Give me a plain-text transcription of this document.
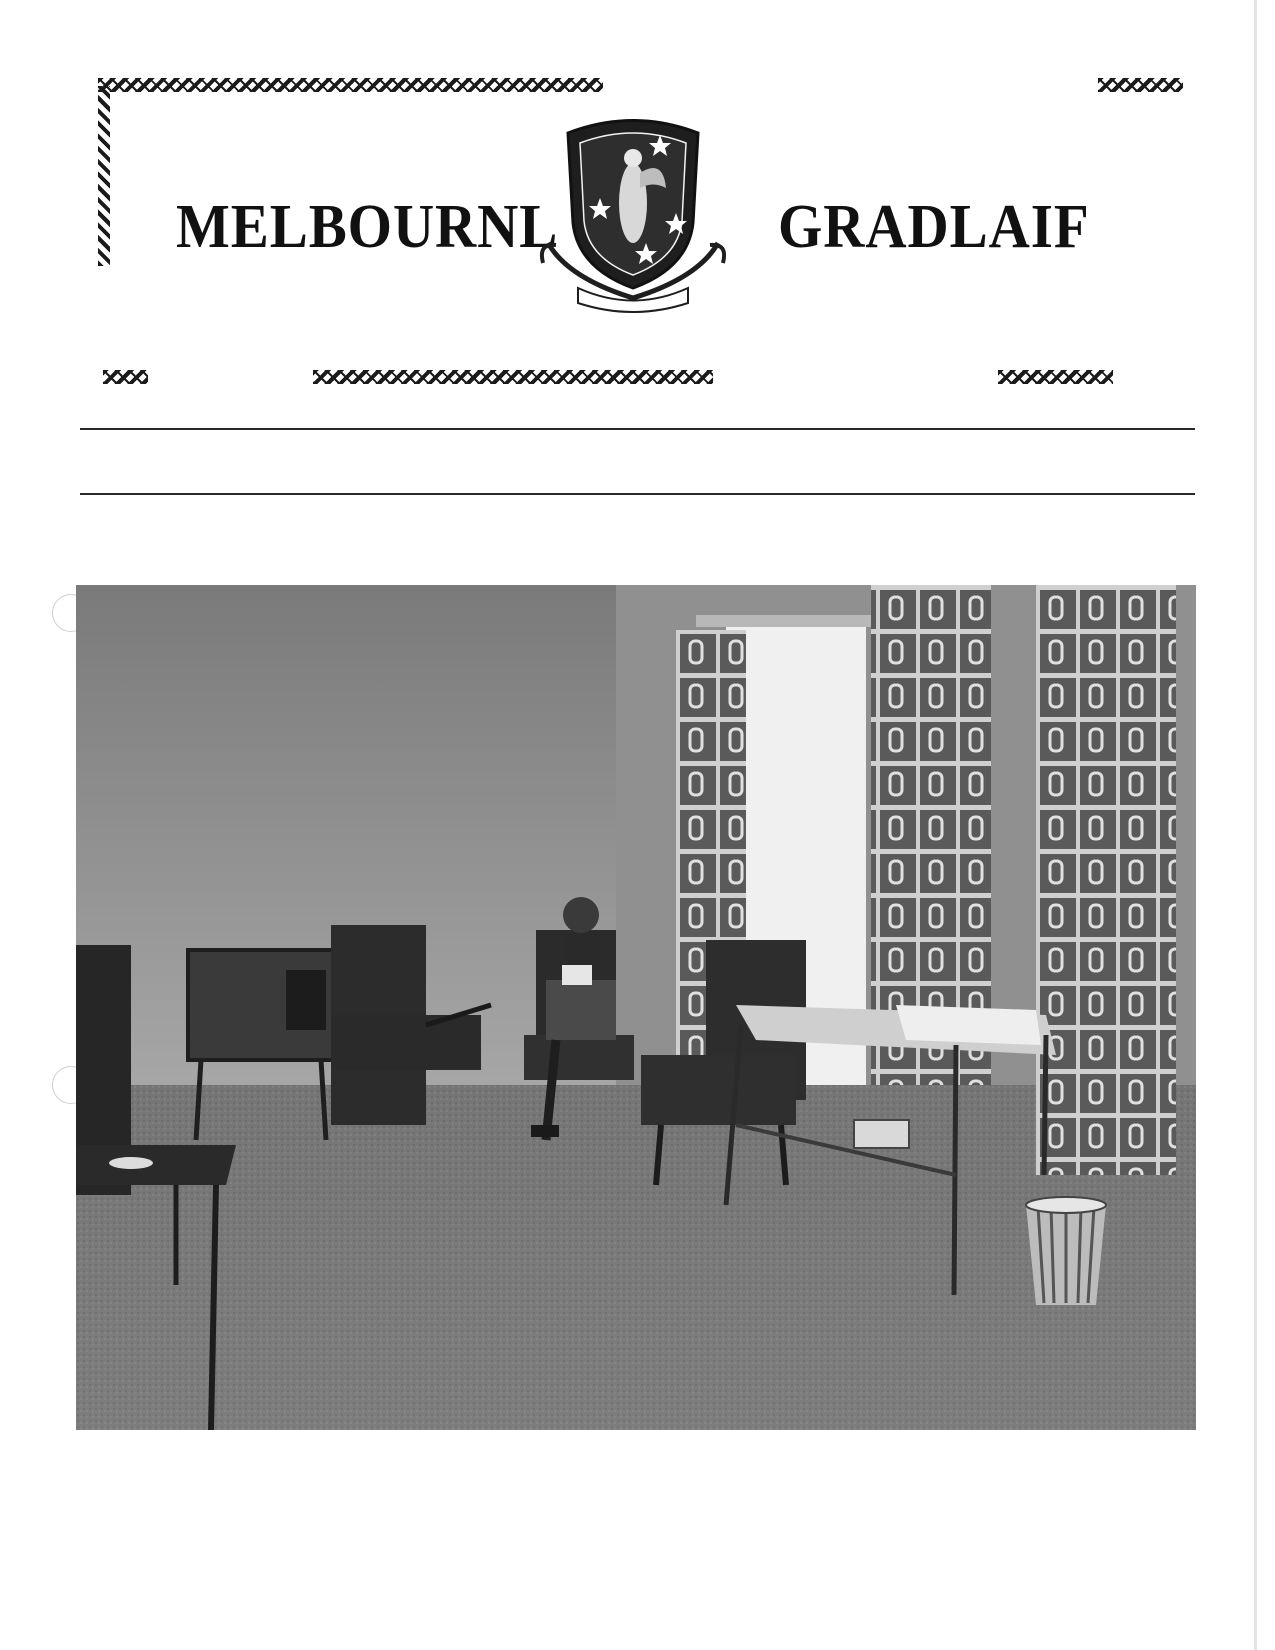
MELBOURNL	GRADLAIF
